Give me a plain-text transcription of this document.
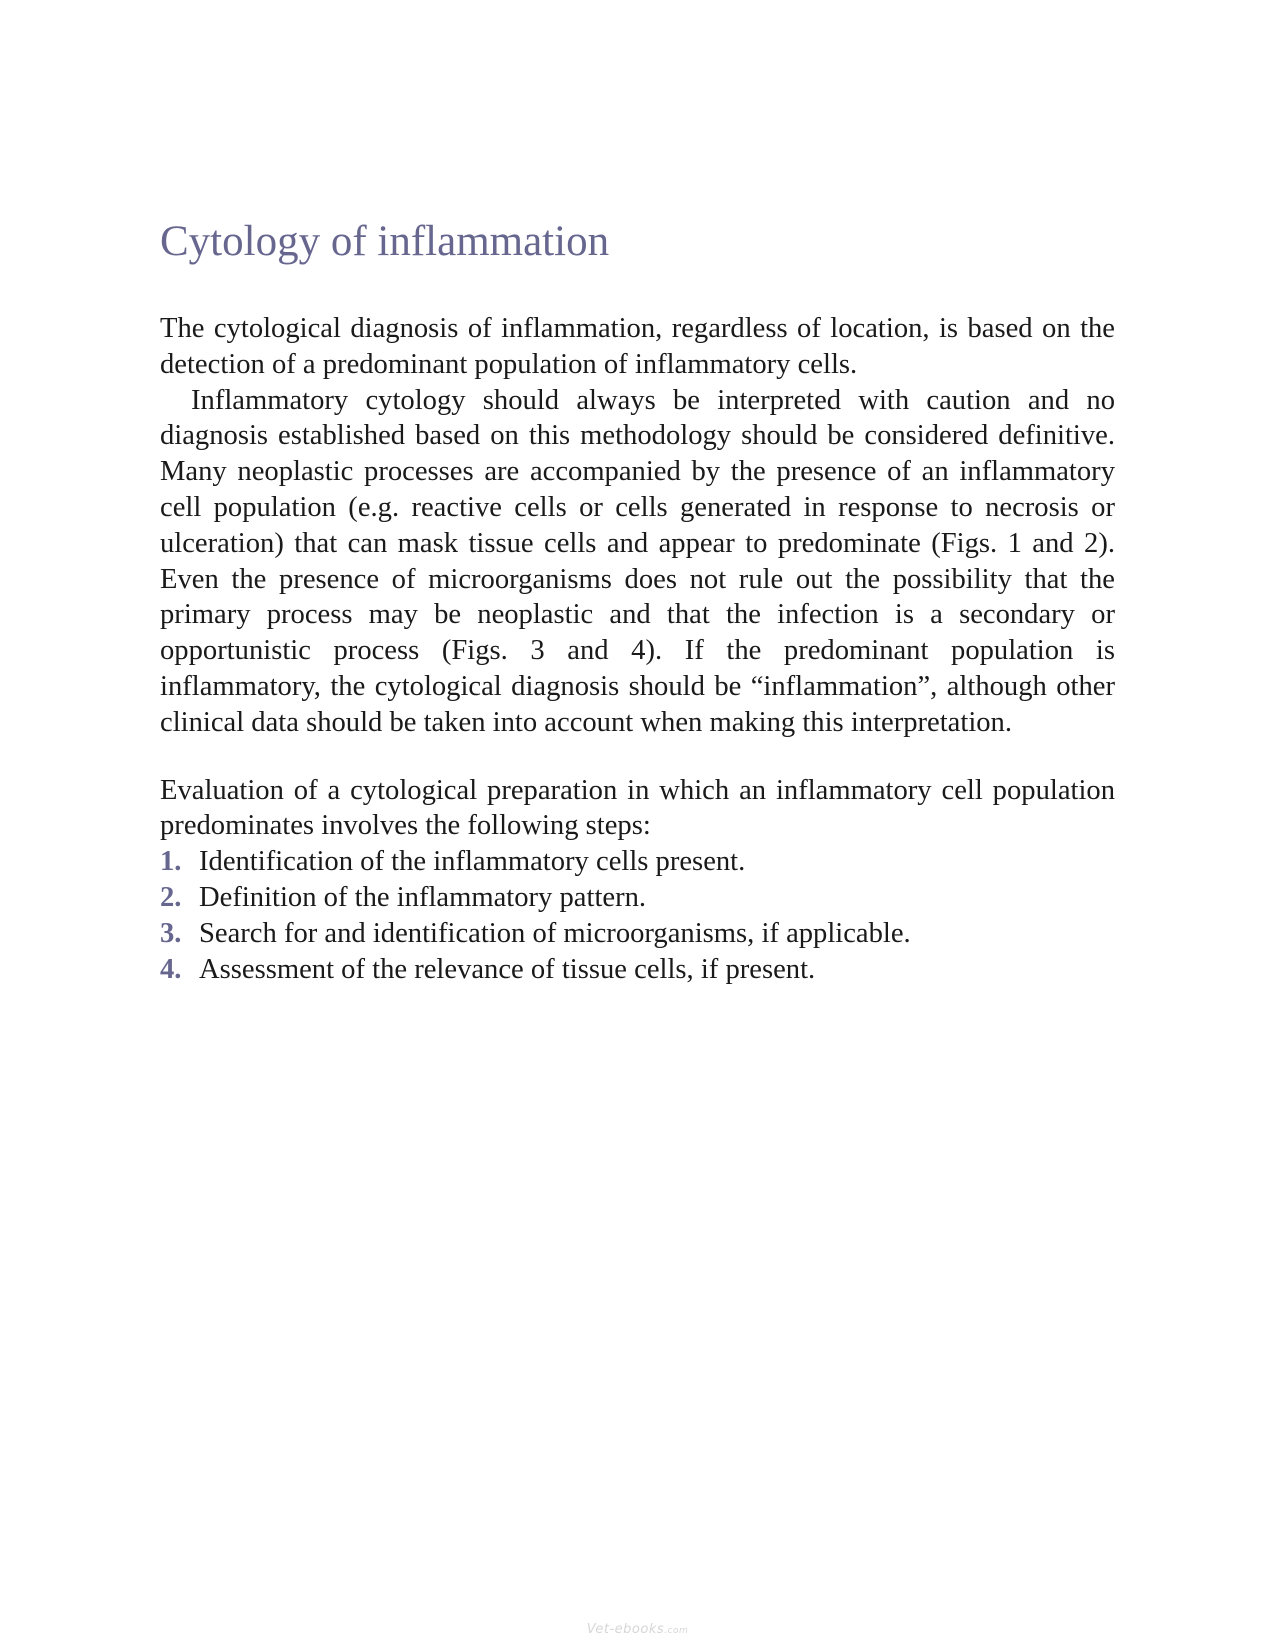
Cytology of inflammation

The cytological diagnosis of inflammation, regardless of location, is based on the detection of a predominant population of inflammatory cells.

Inflammatory cytology should always be interpreted with caution and no diagnosis established based on this methodology should be considered definitive. Many neoplastic processes are accompanied by the presence of an inflammatory cell population (e.g. reactive cells or cells generated in response to necrosis or ulceration) that can mask tissue cells and appear to predominate (Figs. 1 and 2). Even the presence of microorganisms does not rule out the possibility that the primary process may be neoplastic and that the infection is a secondary or opportunistic process (Figs. 3 and 4). If the predominant population is inflammatory, the cytological diagnosis should be “inflammation”, although other clinical data should be taken into account when making this interpretation.

Evaluation of a cytological preparation in which an inflammatory cell population predominates involves the following steps:

1. Identification of the inflammatory cells present.
2. Definition of the inflammatory pattern.
3. Search for and identification of microorganisms, if applicable.
4. Assessment of the relevance of tissue cells, if present.
Vet-ebooks.com
